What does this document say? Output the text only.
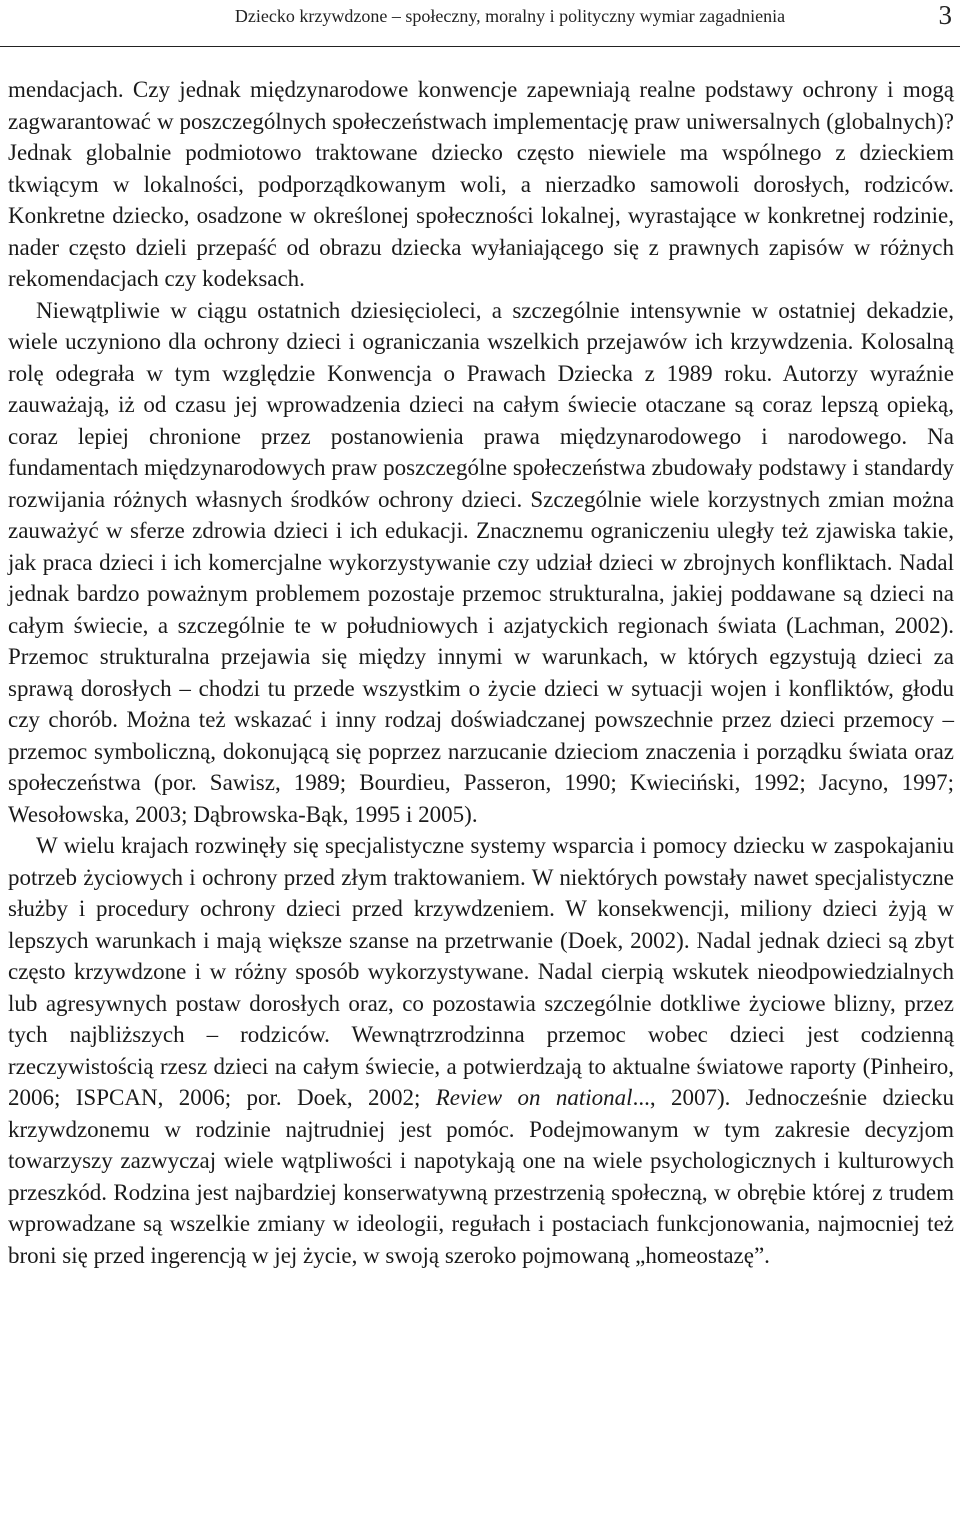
Dziecko krzywdzone – społeczny, moralny i polityczny wymiar zagadnienia	3

mendacjach. Czy jednak międzynarodowe konwencje zapewniają realne podstawy ochrony i mogą zagwarantować w poszczególnych społeczeństwach implementację praw uniwersalnych (globalnych)? Jednak globalnie podmiotowo traktowane dziecko często niewiele ma wspólnego z dzieckiem tkwiącym w lokalności, podporządkowanym woli, a nierzadko samowoli dorosłych, rodziców. Konkretne dziecko, osadzone w określonej społeczności lokalnej, wyrastające w konkretnej rodzinie, nader często dzieli przepaść od obrazu dziecka wyłaniającego się z prawnych zapisów w różnych rekomendacjach czy kodeksach.

Niewątpliwie w ciągu ostatnich dziesięcioleci, a szczególnie intensywnie w ostatniej dekadzie, wiele uczyniono dla ochrony dzieci i ograniczania wszelkich przejawów ich krzywdzenia. Kolosalną rolę odegrała w tym względzie Konwencja o Prawach Dziecka z 1989 roku. Autorzy wyraźnie zauważają, iż od czasu jej wprowadzenia dzieci na całym świecie otaczane są coraz lepszą opieką, coraz lepiej chronione przez postanowienia prawa międzynarodowego i narodowego. Na fundamentach międzynarodowych praw poszczególne społeczeństwa zbudowały podstawy i standardy rozwijania różnych własnych środków ochrony dzieci. Szczególnie wiele korzystnych zmian można zauważyć w sferze zdrowia dzieci i ich edukacji. Znacznemu ograniczeniu uległy też zjawiska takie, jak praca dzieci i ich komercjalne wykorzystywanie czy udział dzieci w zbrojnych konfliktach. Nadal jednak bardzo poważnym problemem pozostaje przemoc strukturalna, jakiej poddawane są dzieci na całym świecie, a szczególnie te w południowych i azjatyckich regionach świata (Lachman, 2002). Przemoc strukturalna przejawia się między innymi w warunkach, w których egzystują dzieci za sprawą dorosłych – chodzi tu przede wszystkim o życie dzieci w sytuacji wojen i konfliktów, głodu czy chorób. Można też wskazać i inny rodzaj doświadczanej powszechnie przez dzieci przemocy – przemoc symboliczną, dokonującą się poprzez narzucanie dzieciom znaczenia i porządku świata oraz społeczeństwa (por. Sawisz, 1989; Bourdieu, Passeron, 1990; Kwieciński, 1992; Jacyno, 1997; Wesołowska, 2003; Dąbrowska-Bąk, 1995 i 2005).

W wielu krajach rozwinęły się specjalistyczne systemy wsparcia i pomocy dziecku w zaspokajaniu potrzeb życiowych i ochrony przed złym traktowaniem. W niektórych powstały nawet specjalistyczne służby i procedury ochrony dzieci przed krzywdzeniem. W konsekwencji, miliony dzieci żyją w lepszych warunkach i mają większe szanse na przetrwanie (Doek, 2002). Nadal jednak dzieci są zbyt często krzywdzone i w różny sposób wykorzystywane. Nadal cierpią wskutek nieodpowiedzialnych lub agresywnych postaw dorosłych oraz, co pozostawia szczególnie dotkliwe życiowe blizny, przez tych najbliższych – rodziców. Wewnątrzrodzinna przemoc wobec dzieci jest codzienną rzeczywistością rzesz dzieci na całym świecie, a potwierdzają to aktualne światowe raporty (Pinheiro, 2006; ISPCAN, 2006; por. Doek, 2002; Review on national..., 2007). Jednocześnie dziecku krzywdzonemu w rodzinie najtrudniej jest pomóc. Podejmowanym w tym zakresie decyzjom towarzyszy zazwyczaj wiele wątpliwości i napotykają one na wiele psychologicznych i kulturowych przeszkód. Rodzina jest najbardziej konserwatywną przestrzenią społeczną, w obrębie której z trudem wprowadzane są wszelkie zmiany w ideologii, regułach i postaciach funkcjonowania, najmocniej też broni się przed ingerencją w jej życie, w swoją szeroko pojmowaną „homeostazę”.
